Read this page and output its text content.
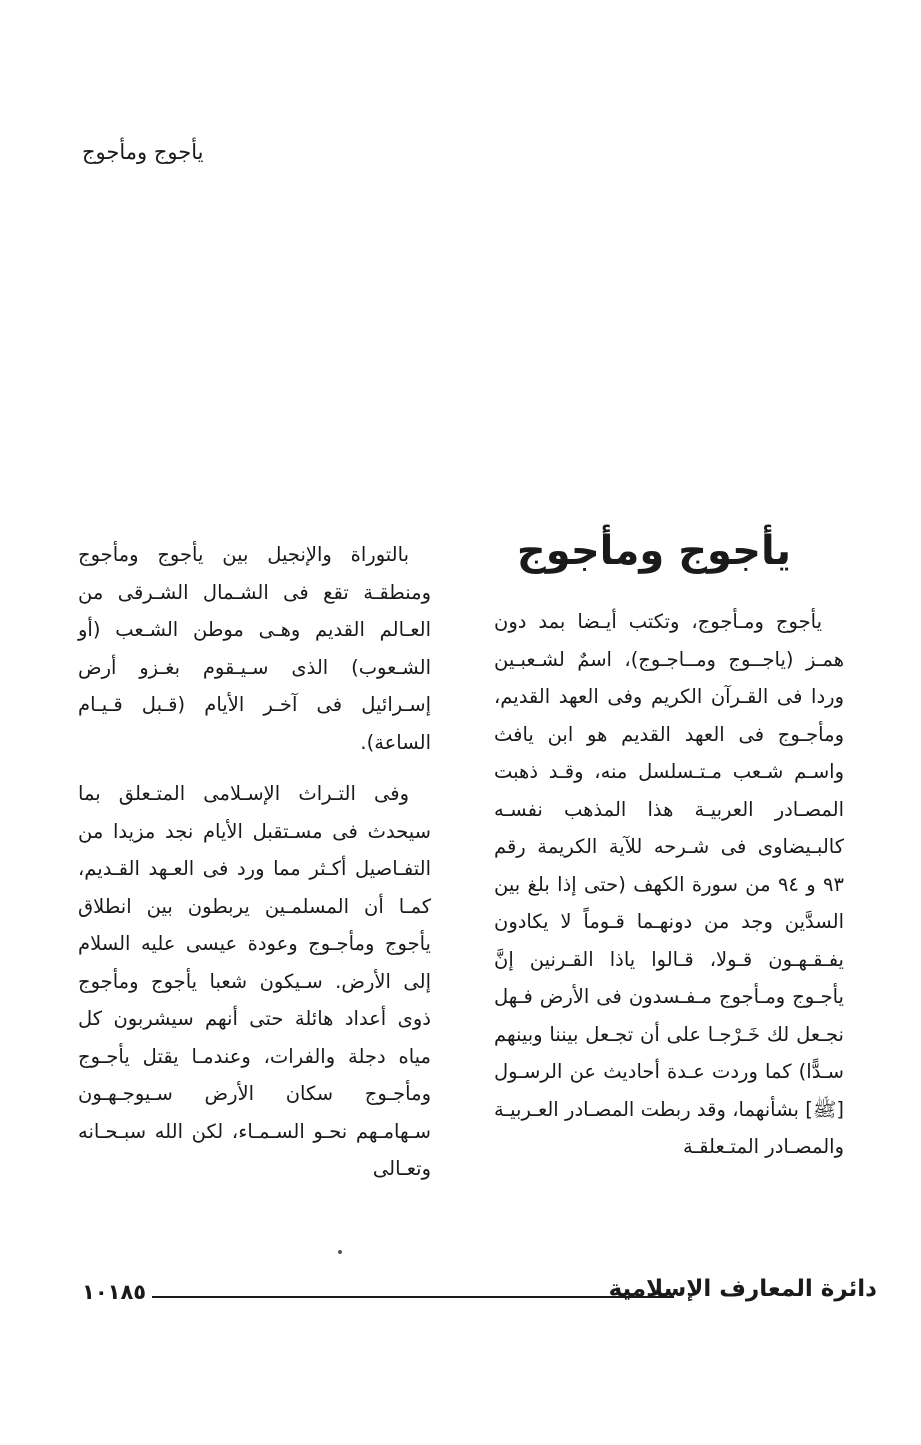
يأجوج ومأجوج
يأجوج ومأجوج

يأجوج ومـأجوج، وتكتب أيـضا بمد دون همـز (ياجــوج ومــاجـوج)، اسمٌ لشـعبـين وردا فى القـرآن الكريم وفى العهد القديم، ومأجـوج فى العهد القديم هو ابن يافث واسـم شـعب مـتـسلسل منه، وقـد ذهبت المصـادر العربيـة هذا المذهب نفسـه كالبـيضاوى فى شـرحه للآية الكريمة رقم ٩٣ و ٩٤ من سورة الكهف (حتى إذا بلغ بين السدَّين وجد من دونهـما قـوماً لا يكادون يفـقـهـون قـولا، قـالوا ياذا القـرنين إنَّ يأجـوج ومـأجوج مـفـسدون فى الأرض فـهل نجـعل لك خَـرْجـا على أن تجـعل بيننا وبينهم سـدًّا) كما وردت عـدة أحاديث عن الرسـول [ﷺ] بشأنهما، وقد ربطت المصـادر العـربيـة والمصـادر المتـعلقـة

بالتوراة والإنجيل بين يأجوج ومأجوج ومنطقـة تقع فى الشـمال الشـرقى من العـالم القديم وهـى موطن الشـعب (أو الشـعوب) الذى سـيـقوم بغـزو أرض إسـرائيل فى آخـر الأيام (قـبل قـيـام الساعة).

وفى التـراث الإسـلامى المتـعلق بما سيحدث فى مسـتقبل الأيام نجد مزيدا من التفـاصيل أكـثر مما ورد فى العـهد القـديم، كمـا أن المسلمـين يربطون بين انطلاق يأجوج ومأجـوج وعودة عيسى عليه السلام إلى الأرض. سـيكون شعبا يأجوج ومأجوج ذوى أعداد هائلة حتى أنهم سيشربون كل مياه دجلة والفرات، وعندمـا يقتل يأجـوج ومأجـوج سكان الأرض سـيوجـهـون سـهامـهم نحـو السـمـاء، لكن الله سبـحـانه وتعـالى

١٠١٨٥	دائرة المعارف الإسلامية
